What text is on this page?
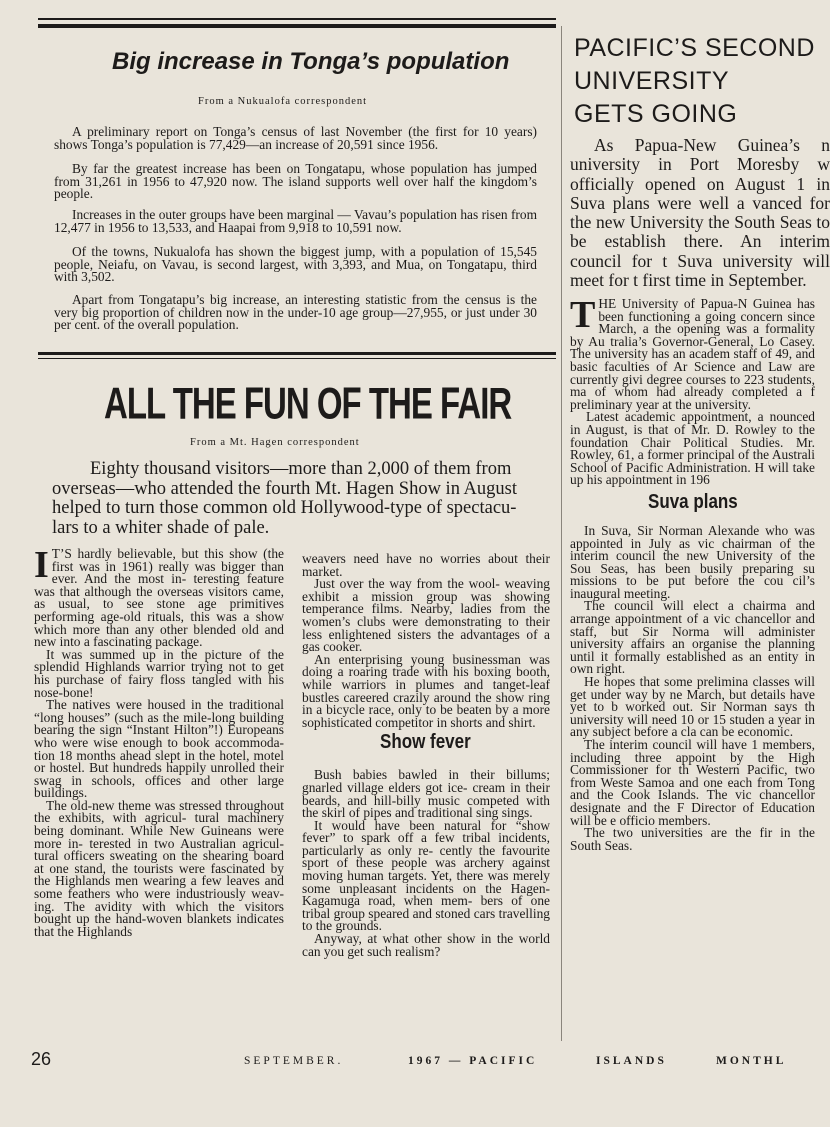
Big increase in Tonga’s population
From a Nukualofa correspondent

A preliminary report on Tonga’s census of last November (the first for 10 years) shows Tonga’s population is 77,429—an increase of 20,591 since 1956.

By far the greatest increase has been on Tongatapu, whose population has jumped from 31,261 in 1956 to 47,920 now. The island supports well over half the kingdom’s people.

Increases in the outer groups have been marginal — Vavau’s population has risen from 12,477 in 1956 to 13,533, and Haapai from 9,918 to 10,591 now.

Of the towns, Nukualofa has shown the biggest jump, with a population of 15,545 people, Neiafu, on Vavau, is second largest, with 3,393, and Mua, on Tongatapu, third with 3,502.

Apart from Tongatapu’s big increase, an interesting statistic from the census is the very big proportion of children now in the under-10 age group—27,955, or just under 30 per cent. of the overall population.

ALL THE FUN OF THE FAIR
From a Mt. Hagen correspondent

Eighty thousand visitors—more than 2,000 of them from overseas—who attended the fourth Mt. Hagen Show in August helped to turn those common old Hollywood-type of spectacu- lars to a whiter shade of pale.

I T’S hardly believable, but this show (the first was in 1961) really was bigger than ever. And the most in- teresting feature was that although the overseas visitors came, as usual, to see stone age primitives performing age-old rituals, this was a show which more than any other blended old and new into a fascinating package.

It was summed up in the picture of the splendid Highlands warrior trying not to get his purchase of fairy floss tangled with his nose-bone!

The natives were housed in the traditional “long houses” (such as the mile-long building bearing the sign “Instant Hilton”!) Europeans who were wise enough to book accommoda- tion 18 months ahead slept in the hotel, motel or hostel. But hundreds happily unrolled their swag in schools, offices and other large buildings.

The old-new theme was stressed throughout the exhibits, with agricul- tural machinery being dominant. While New Guineans were more in- terested in two Australian agricul- tural officers sweating on the shearing board at one stand, the tourists were fascinated by the Highlands men wearing a few leaves and some feathers who were industriously weav- ing. The avidity with which the visitors bought up the hand-woven blankets indicates that the Highlands

weavers need have no worries about their market.

Just over the way from the wool- weaving exhibit a mission group was showing temperance films. Nearby, ladies from the women’s clubs were demonstrating to their less enlightened sisters the advantages of a gas cooker.

An enterprising young businessman was doing a roaring trade with his boxing booth, while warriors in plumes and tanget-leaf bustles careered crazily around the show ring in a bicycle race, only to be beaten by a more sophisticated competitor in shorts and shirt.

Show fever

Bush babies bawled in their billums; gnarled village elders got ice- cream in their beards, and hill-billy music competed with the skirl of pipes and traditional sing sings.

It would have been natural for “show fever” to spark off a few tribal incidents, particularly as only re- cently the favourite sport of these people was archery against moving human targets. Yet, there was merely some unpleasant incidents on the Hagen-Kagamuga road, when mem- bers of one tribal group speared and stoned cars travelling to the grounds.

Anyway, at what other show in the world can you get such realism?

PACIFIC’S SECOND
UNIVERSITY
GETS GOING

As Papua-New Guinea’s n university in Port Moresby w officially opened on August 1 in Suva plans were well a vanced for the new University the South Seas to be establish there. An interim council for t Suva university will meet for t first time in September.

THE University of Papua-N Guinea has been functioning a going concern since March, a the opening was a formality by Au tralia’s Governor-General, Lo Casey. The university has an academ staff of 49, and basic faculties of Ar Science and Law are currently givi degree courses to 223 students, ma of whom had already completed a f preliminary year at the university.

Latest academic appointment, a nounced in August, is that of Mr. D. Rowley to the foundation Chair Political Studies. Mr. Rowley, 61, a former principal of the Australi School of Pacific Administration. H will take up his appointment in 196

Suva plans

In Suva, Sir Norman Alexande who was appointed in July as vic chairman of the interim council the new University of the Sou Seas, has been busily preparing su missions to be put before the cou cil’s inaugural meeting.

The council will elect a chairma and arrange appointment of a vic chancellor and staff, but Sir Norma will administer university affairs an organise the planning until it formally established as an entity in own right.

He hopes that some prelimina classes will get under way by ne March, but details have yet to b worked out. Sir Norman says th university will need 10 or 15 studen a year in any subject before a cla can be economic.

The interim council will have 1 members, including three appoint by the High Commissioner for th Western Pacific, two from Weste Samoa and one each from Tong and the Cook Islands. The vic chancellor designate and the F Director of Education will be e officio members.

The two universities are the fir in the South Seas.

26	SEPTEMBER.	1967 — PACIFIC	ISLANDS	MONTHL
